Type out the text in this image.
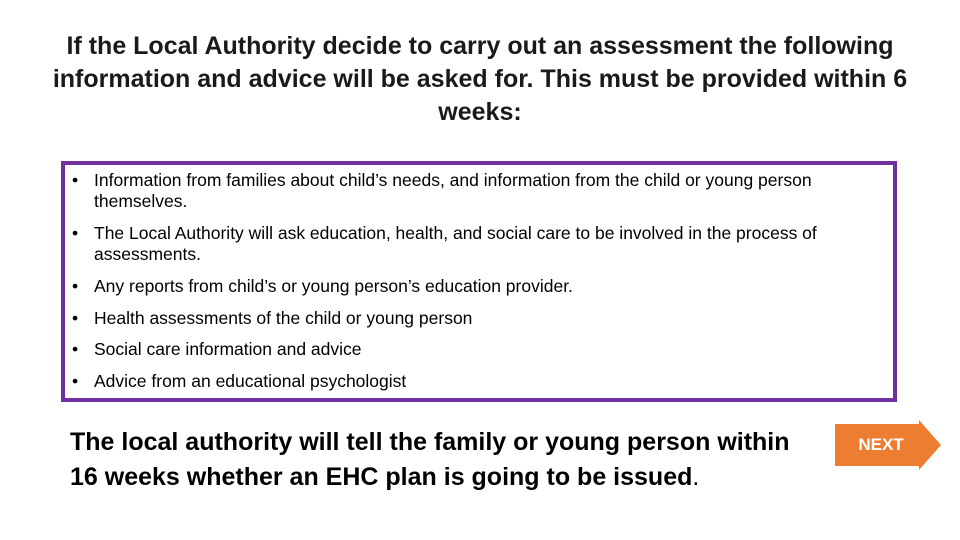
If the Local Authority decide to carry out an assessment the following information and advice will be asked for. This must be provided within 6 weeks:
• Information from families about child’s needs, and information from the child or young person themselves.
• The Local Authority will ask education, health, and social care to be involved in the process of assessments.
• Any reports from child’s or young person’s education provider.
• Health assessments of the child or young person
• Social care information and advice
• Advice from an educational psychologist
The local authority will tell the family or young person within 16 weeks whether an EHC plan is going to be issued.
NEXT
